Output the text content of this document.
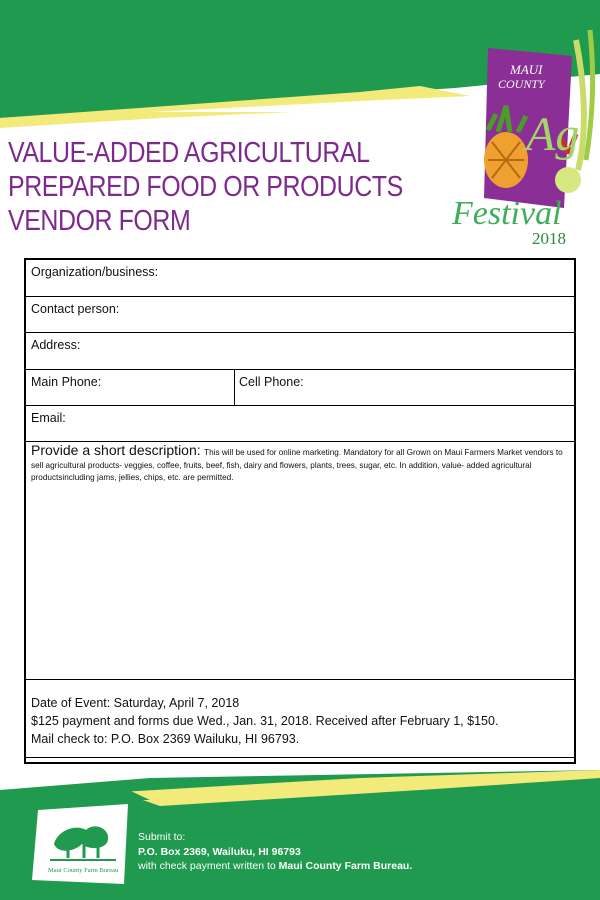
VALUE-ADDED AGRICULTURAL
PREPARED FOOD OR PRODUCTS
VENDOR FORM
MAUI
COUNTY
Ag
Festival
2018
Organization/business:
Contact person:
Address:
Main Phone:	Cell Phone:
Email:
Provide a short description: This will be used for online marketing. Mandatory for all Grown on Maui Farmers Market vendors to sell agricultural products- veggies, coffee, fruits, beef, fish, dairy and flowers, plants, trees, sugar, etc. In addition, value- added agricultural productsincluding jams, jellies, chips, etc. are permitted.
Date of Event: Saturday, April 7, 2018
$125 payment and forms due Wed., Jan. 31, 2018. Received after February 1, $150.
Mail check to: P.O. Box 2369 Wailuku, HI 96793.
Maui County Farm Bureau
Submit to:
P.O. Box 2369, Wailuku, HI 96793
with check payment written to Maui County Farm Bureau.
